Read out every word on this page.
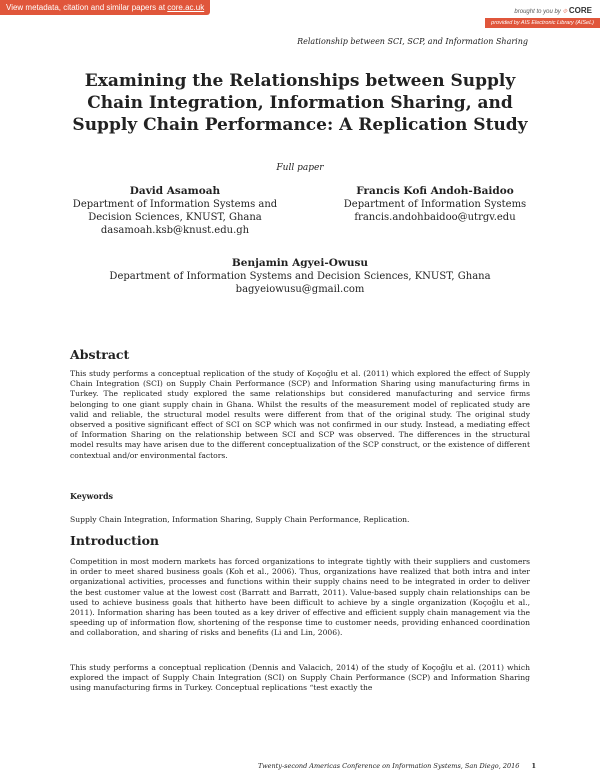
View metadata, citation and similar papers at core.ac.uk	brought to you by ⟐ CORE
provided by AIS Electronic Library (AISeL)
Relationship between SCI, SCP, and Information Sharing
Examining the Relationships between Supply Chain Integration, Information Sharing, and Supply Chain Performance: A Replication Study
Full paper
David Asamoah
Department of Information Systems and Decision Sciences, KNUST, Ghana
dasamoah.ksb@knust.edu.gh
Francis Kofi Andoh-Baidoo
Department of Information Systems
francis.andohbaidoo@utrgv.edu
Benjamin Agyei-Owusu
Department of Information Systems and Decision Sciences, KNUST, Ghana
bagyeiowusu@gmail.com
Abstract

This study performs a conceptual replication of the study of Koçoğlu et al. (2011) which explored the effect of Supply Chain Integration (SCI) on Supply Chain Performance (SCP) and Information Sharing using manufacturing firms in Turkey. The replicated study explored the same relationships but considered manufacturing and service firms belonging to one giant supply chain in Ghana. Whilst the results of the measurement model of replicated study are valid and reliable, the structural model results were different from that of the original study. The original study observed a positive significant effect of SCI on SCP which was not confirmed in our study. Instead, a mediating effect of Information Sharing on the relationship between SCI and SCP was observed. The differences in the structural model results may have arisen due to the different conceptualization of the SCP construct, or the existence of different contextual and/or environmental factors.

Keywords
Supply Chain Integration, Information Sharing, Supply Chain Performance, Replication.
Introduction

Competition in most modern markets has forced organizations to integrate tightly with their suppliers and customers in order to meet shared business goals (Koh et al., 2006). Thus, organizations have realized that both intra and inter organizational activities, processes and functions within their supply chains need to be integrated in order to deliver the best customer value at the lowest cost (Barratt and Barratt, 2011). Value-based supply chain relationships can be used to achieve business goals that hitherto have been difficult to achieve by a single organization (Koçoğlu et al., 2011). Information sharing has been touted as a key driver of effective and efficient supply chain management via the speeding up of information flow, shortening of the response time to customer needs, providing enhanced coordination and collaboration, and sharing of risks and benefits (Li and Lin, 2006).

This study performs a conceptual replication (Dennis and Valacich, 2014) of the study of Koçoğlu et al. (2011) which explored the impact of Supply Chain Integration (SCI) on Supply Chain Performance (SCP) and Information Sharing using manufacturing firms in Turkey. Conceptual replications “test exactly the

Twenty-second Americas Conference on Information Systems, San Diego, 2016 1
